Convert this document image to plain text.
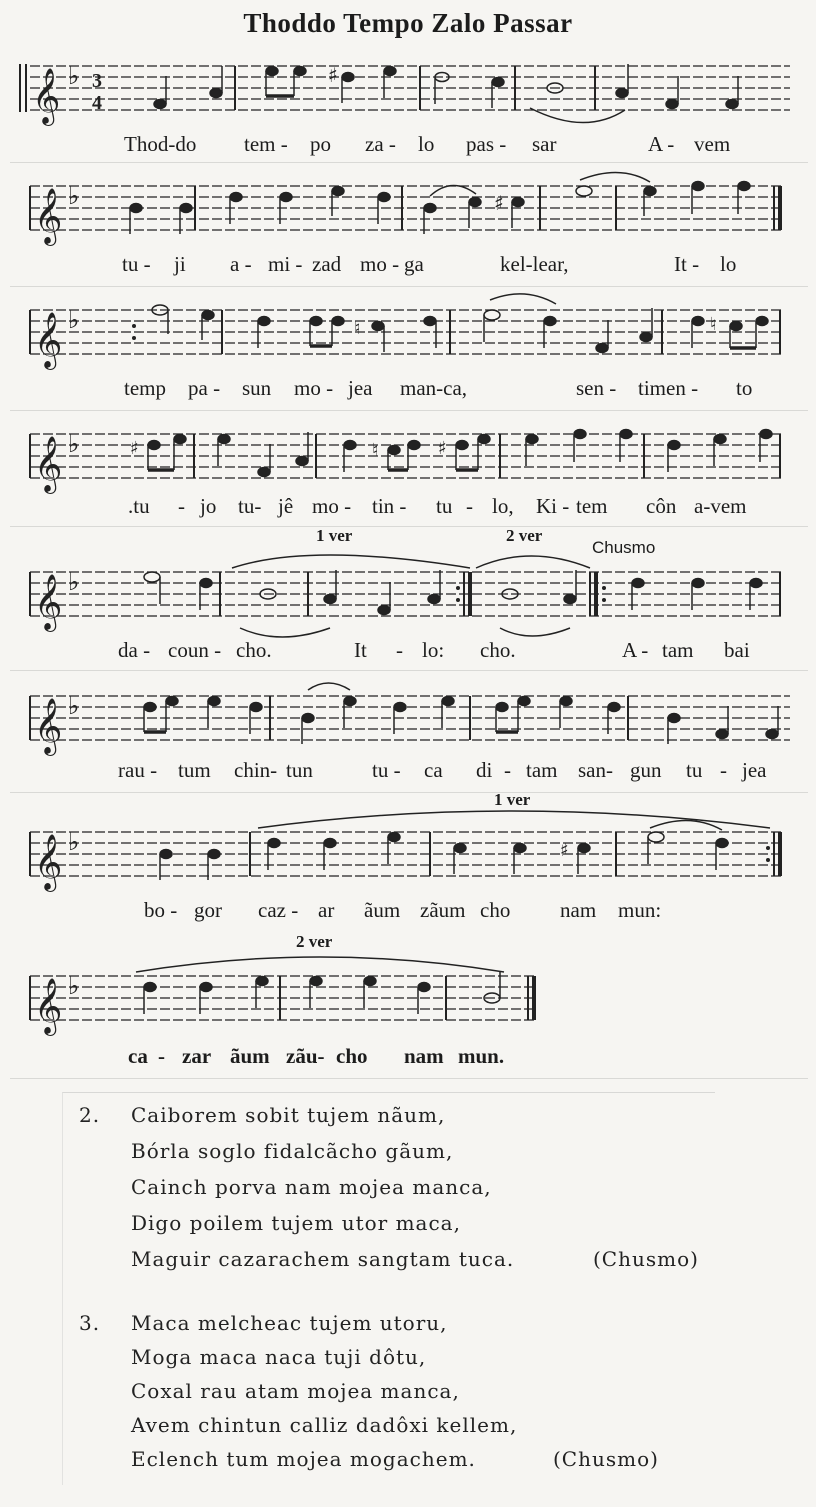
Thoddo Tempo Zalo Passar
𝄞 ♭ 3
4
♯
Thod-do tem - po za - lo pas - sar	A - vem
𝄞 ♭	♯
tu - ji a - mi - zad mo - ga	kel-lear,	It - lo
𝄞 ♭	♮	♮
temp pa - sun mo - jea man-ca,	sen - timen - to
𝄞 ♭	♯	♮	♯
.tu - jo tu- jê mo - tin - tu - lo, Ki - tem côn a-vem
1 ver	2 ver
Chusmo
𝄞 ♭
da - coun - cho.	It - lo: cho.	A - tam bai
𝄞 ♭
rau - tum chin- tun	tu - ca di - tam san- gun tu - jea
1 ver
𝄞 ♭	♯
bo - gor caz - ar ãum zãum cho nam mun:
2 ver
𝄞 ♭
ca - zar ãum zãu- cho nam mun.
2. Caiborem sobit tujem nãum,
Bórla soglo fidalcãcho gãum,
Cainch porva nam mojea manca,
Digo poilem tujem utor maca,
Maguir cazarachem sangtam tuca.	(Chusmo)
3. Maca melcheac tujem utoru,
Moga maca naca tuji dôtu,
Coxal rau atam mojea manca,
Avem chintun calliz dadôxi kellem,
Eclench tum mojea mogachem.	(Chusmo)
